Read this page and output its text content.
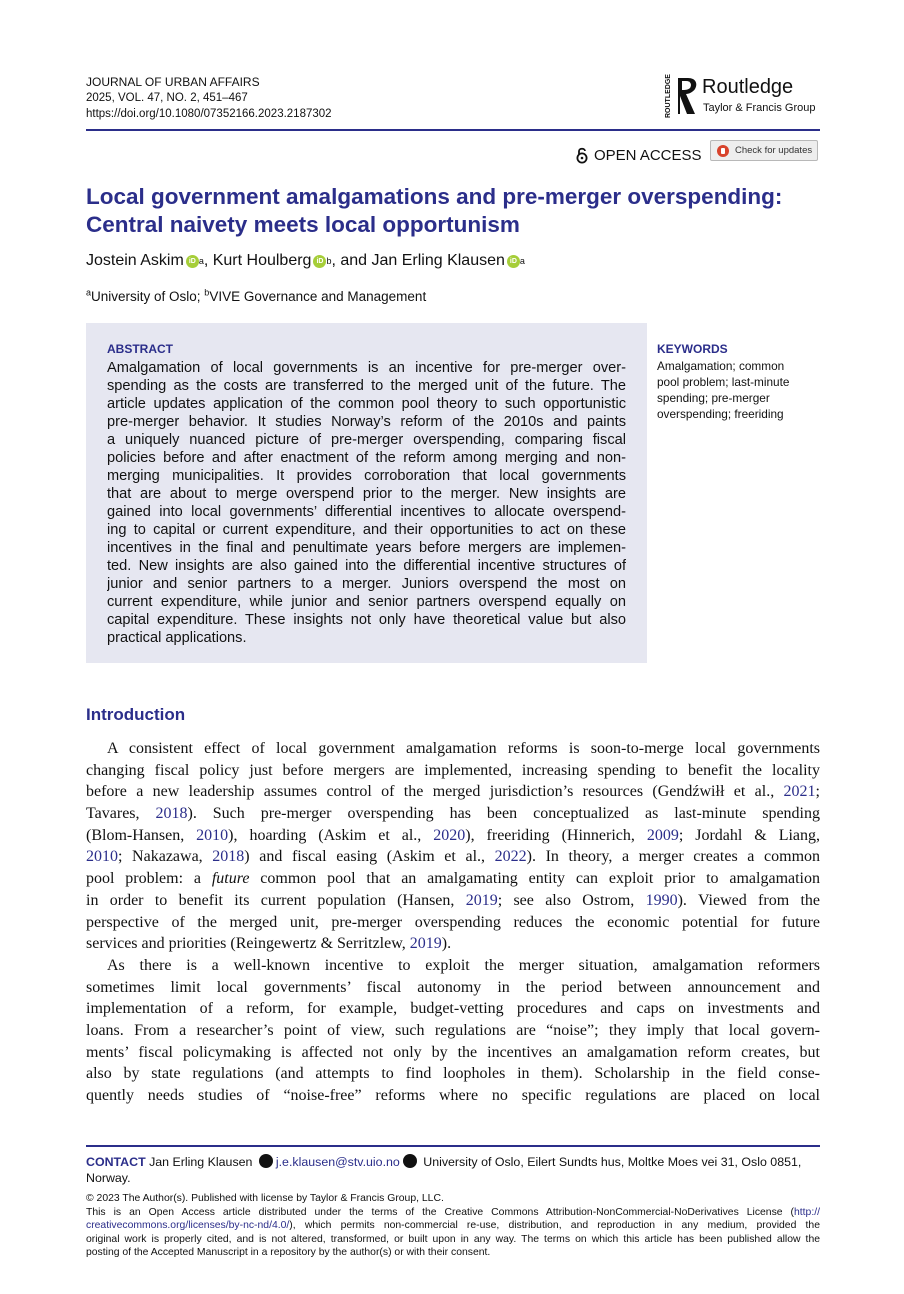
JOURNAL OF URBAN AFFAIRS
2025, VOL. 47, NO. 2, 451–467
https://doi.org/10.1080/07352166.2023.2187302	ROUTLEDGE Routledge
Taylor & Francis Group
OPEN ACCESS	Check for updates
Local government amalgamations and pre-merger overspending:
Central naivety meets local opportunism
Jostein Askim iD a , Kurt Houlberg iD b , and Jan Erling Klausen iD a
$^a$University of Oslo; $^b$VIVE Governance and Management
ABSTRACT
Amalgamation of local governments is an incentive for pre-merger over-
spending as the costs are transferred to the merged unit of the future. The
article updates application of the common pool theory to such opportunistic
pre-merger behavior. It studies Norway’s reform of the 2010s and paints
a uniquely nuanced picture of pre-merger overspending, comparing fiscal
policies before and after enactment of the reform among merging and non-
merging municipalities. It provides corroboration that local governments
that are about to merge overspend prior to the merger. New insights are
gained into local governments’ differential incentives to allocate overspend-
ing to capital or current expenditure, and their opportunities to act on these
incentives in the final and penultimate years before mergers are implemen-
ted. New insights are also gained into the differential incentive structures of
junior and senior partners to a merger. Juniors overspend the most on
current expenditure, while junior and senior partners overspend equally on
capital expenditure. These insights not only have theoretical value but also
practical applications.
KEYWORDS
Amalgamation; common
pool problem; last-minute
spending; pre-merger
overspending; freeriding
Introduction
A consistent effect of local government amalgamation reforms is soon-to-merge local governments
changing fiscal policy just before mergers are implemented, increasing spending to benefit the locality
before a new leadership assumes control of the merged jurisdiction’s resources (Gendźwiłł et al., 2021;
Tavares, 2018). Such pre-merger overspending has been conceptualized as last-minute spending
(Blom-Hansen, 2010), hoarding (Askim et al., 2020), freeriding (Hinnerich, 2009; Jordahl & Liang,
2010; Nakazawa, 2018) and fiscal easing (Askim et al., 2022). In theory, a merger creates a common
pool problem: a future common pool that an amalgamating entity can exploit prior to amalgamation
in order to benefit its current population (Hansen, 2019; see also Ostrom, 1990). Viewed from the
perspective of the merged unit, pre-merger overspending reduces the economic potential for future
services and priorities (Reingewertz & Serritzlew, 2019).
As there is a well-known incentive to exploit the merger situation, amalgamation reformers
sometimes limit local governments’ fiscal autonomy in the period between announcement and
implementation of a reform, for example, budget-vetting procedures and caps on investments and
loans. From a researcher’s point of view, such regulations are “noise”; they imply that local govern-
ments’ fiscal policymaking is affected not only by the incentives an amalgamation reform creates, but
also by state regulations (and attempts to find loopholes in them). Scholarship in the field conse-
quently needs studies of “noise-free” reforms where no specific regulations are placed on local
CONTACT Jan Erling Klausen j.e.klausen@stv.uio.no University of Oslo, Eilert Sundts hus, Moltke Moes vei 31, Oslo 0851,
Norway.
© 2023 The Author(s). Published with license by Taylor & Francis Group, LLC.
This is an Open Access article distributed under the terms of the Creative Commons Attribution-NonCommercial-NoDerivatives License (http://
creativecommons.org/licenses/by-nc-nd/4.0/), which permits non-commercial re-use, distribution, and reproduction in any medium, provided the
original work is properly cited, and is not altered, transformed, or built upon in any way. The terms on which this article has been published allow the
posting of the Accepted Manuscript in a repository by the author(s) or with their consent.
